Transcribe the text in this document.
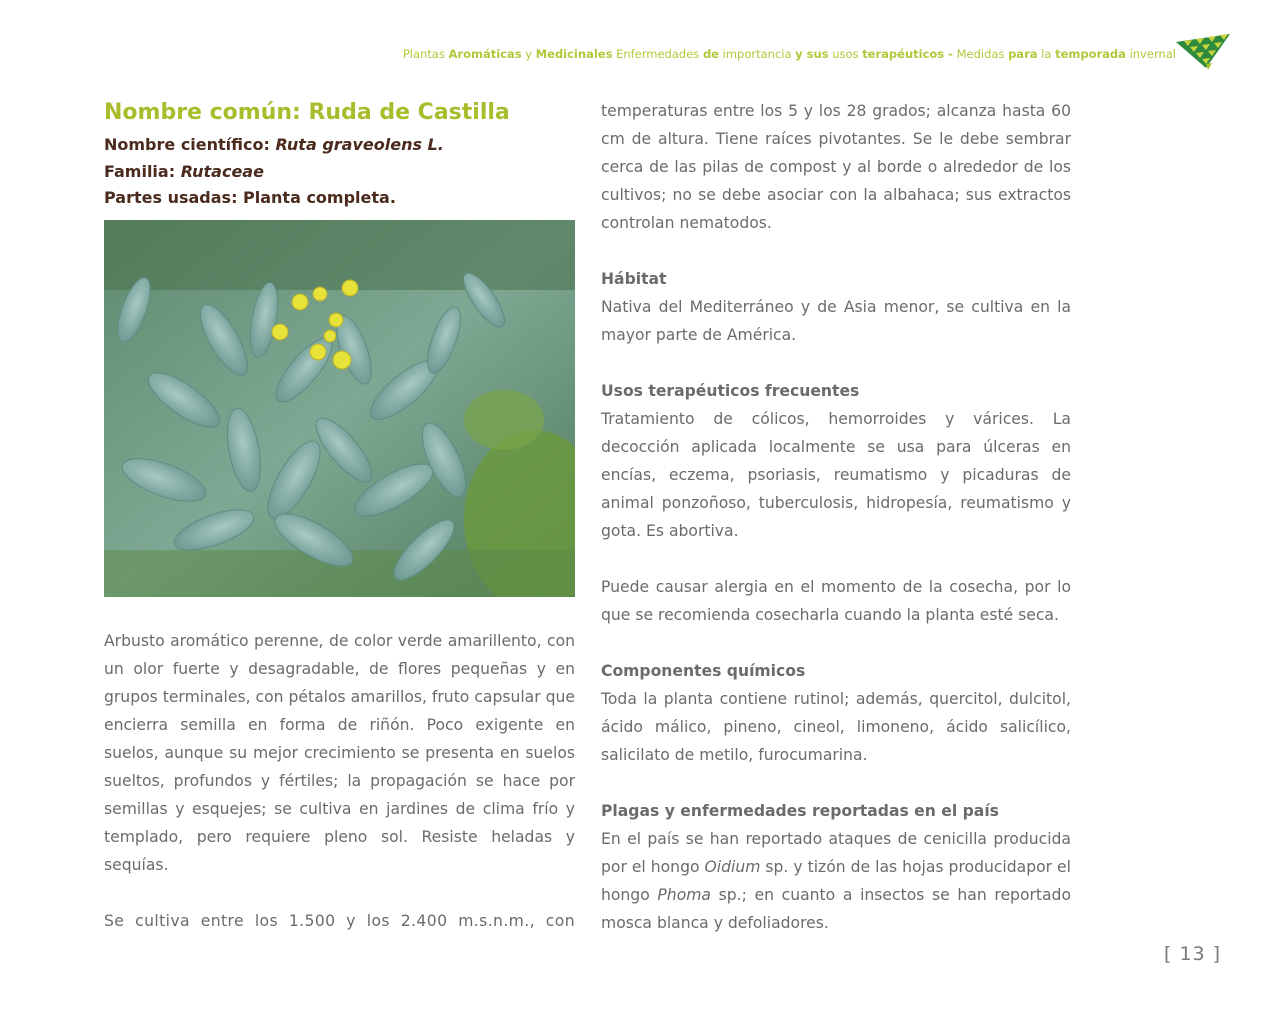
Plantas Aromáticas y Medicinales Enfermedades de importancia y sus usos terapéuticos - Medidas para la temporada invernal
Nombre común: Ruda de Castilla
Nombre científico: Ruta graveolens L.
Familia: Rutaceae
Partes usadas: Planta completa.

Arbusto aromático perenne, de color verde amarillento, con un olor fuerte y desagradable, de flores pequeñas y en grupos terminales, con pétalos amarillos, fruto capsular que encierra semilla en forma de riñón. Poco exigente en suelos, aunque su mejor crecimiento se presenta en suelos sueltos, profundos y fértiles; la propagación se hace por semillas y esquejes; se cultiva en jardines de clima frío y templado, pero requiere pleno sol. Resiste heladas y sequías.

Se cultiva entre los 1.500 y los 2.400 m.s.n.m., con

temperaturas entre los 5 y los 28 grados; alcanza hasta 60 cm de altura. Tiene raíces pivotantes. Se le debe sembrar cerca de las pilas de compost y al borde o alrededor de los cultivos; no se debe asociar con la albahaca; sus extractos controlan nematodos.

Hábitat

Nativa del Mediterráneo y de Asia menor, se cultiva en la mayor parte de América.

Usos terapéuticos frecuentes

Tratamiento de cólicos, hemorroides y várices. La decocción aplicada localmente se usa para úlceras en encías, eczema, psoriasis, reumatismo y picaduras de animal ponzoñoso, tuberculosis, hidropesía, reumatismo y gota. Es abortiva.

Puede causar alergia en el momento de la cosecha, por lo que se recomienda cosecharla cuando la planta esté seca.

Componentes químicos

Toda la planta contiene rutinol; además, quercitol, dulcitol, ácido málico, pineno, cineol, limoneno, ácido salicílico, salicilato de metilo, furocumarina.

Plagas y enfermedades reportadas en el país

En el país se han reportado ataques de cenicilla producida por el hongo Oidium sp. y tizón de las hojas producidapor el hongo Phoma sp.; en cuanto a insectos se han reportado mosca blanca y defoliadores.

[ 13 ]
